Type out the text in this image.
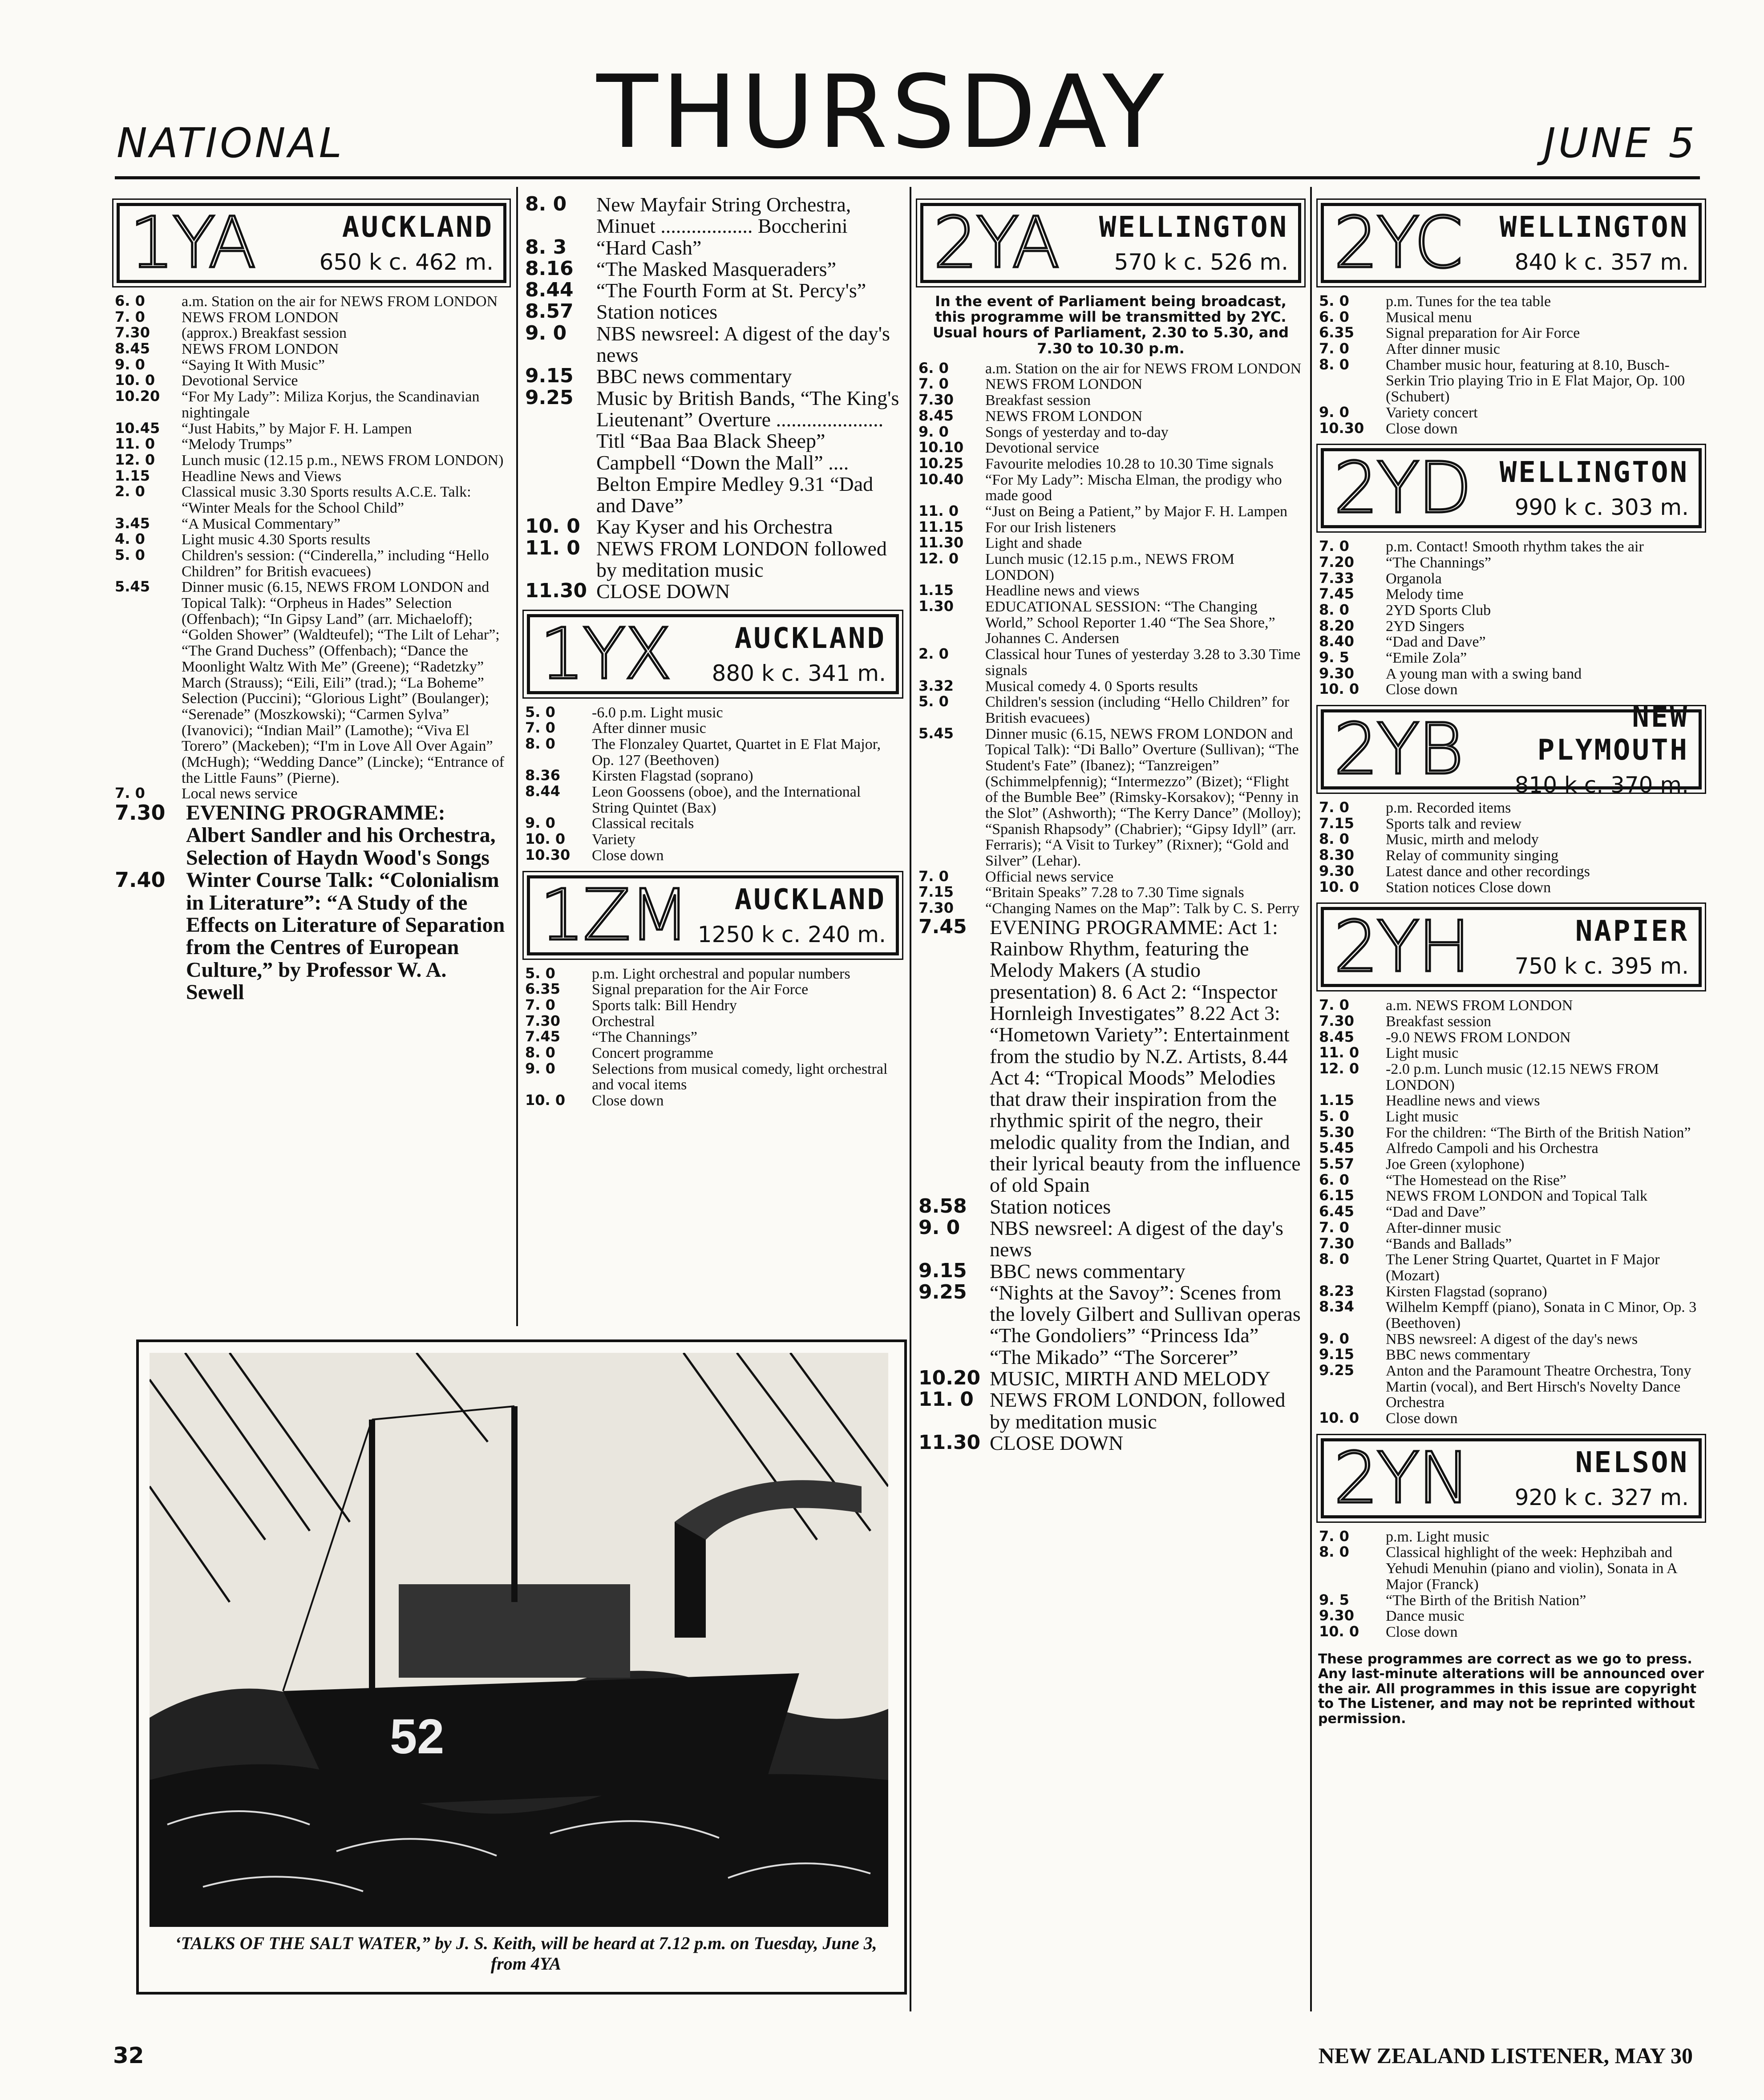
NATIONAL	THURSDAY	JUNE 5
1YA	AUCKLAND
650 k c. 462 m.
6. 0	a.m. Station on the air for NEWS FROM LONDON
7. 0	NEWS FROM LONDON
7.30	(approx.) Breakfast session
8.45	NEWS FROM LONDON
9. 0	“Saying It With Music”
10. 0	Devotional Service
10.20	“For My Lady”: Miliza Korjus, the Scandinavian nightingale
10.45	“Just Habits,” by Major F. H. Lampen
11. 0	“Melody Trumps”
12. 0	Lunch music (12.15 p.m., NEWS FROM LONDON)
1.15	Headline News and Views
2. 0	Classical music 3.30 Sports results A.C.E. Talk: “Winter Meals for the School Child”
3.45	“A Musical Commentary”
4. 0	Light music 4.30 Sports results
5. 0	Children's session: (“Cinderella,” including “Hello Children” for British evacuees)
5.45	Dinner music (6.15, NEWS FROM LONDON and Topical Talk): “Orpheus in Hades” Selection (Offenbach); “In Gipsy Land” (arr. Michaeloff); “Golden Shower” (Waldteufel); “The Lilt of Lehar”; “The Grand Duchess” (Offenbach); “Dance the Moonlight Waltz With Me” (Greene); “Radetzky” March (Strauss); “Eili, Eili” (trad.); “La Boheme” Selection (Puccini); “Glorious Light” (Boulanger); “Serenade” (Moszkowski); “Carmen Sylva” (Ivanovici); “Indian Mail” (Lamothe); “Viva El Torero” (Mackeben); “I'm in Love All Over Again” (McHugh); “Wedding Dance” (Lincke); “Entrance of the Little Fauns” (Pierne).
7. 0	Local news service
7.30 EVENING PROGRAMME: Albert Sandler and his Orchestra, Selection of Haydn Wood's Songs
7.40 Winter Course Talk: “Colonialism in Literature”: “A Study of the Effects on Literature of Separation from the Centres of European Culture,” by Professor W. A. Sewell
8. 0	New Mayfair String Orchestra, Minuet .................. Boccherini
8. 3	“Hard Cash”
8.16	“The Masked Masqueraders”
8.44	“The Fourth Form at St. Percy's”
8.57	Station notices
9. 0	NBS newsreel: A digest of the day's news
9.15	BBC news commentary
9.25	Music by British Bands, “The King's Lieutenant” Overture ..................... Titl “Baa Baa Black Sheep” Campbell “Down the Mall” .... Belton Empire Medley 9.31 “Dad and Dave”
10. 0 Kay Kyser and his Orchestra
11. 0 NEWS FROM LONDON followed by meditation music
11.30 CLOSE DOWN
1YX	AUCKLAND
880 k c. 341 m.
5. 0	-6.0 p.m. Light music
7. 0	After dinner music
8. 0	The Flonzaley Quartet, Quartet in E Flat Major, Op. 127 (Beethoven)
8.36	Kirsten Flagstad (soprano)
8.44	Leon Goossens (oboe), and the International String Quintet (Bax)
9. 0	Classical recitals
10. 0	Variety
10.30	Close down
1ZM	AUCKLAND
1250 k c. 240 m.
5. 0	p.m. Light orchestral and popular numbers
6.35	Signal preparation for the Air Force
7. 0	Sports talk: Bill Hendry
7.30	Orchestral
7.45	“The Channings”
8. 0	Concert programme
9. 0	Selections from musical comedy, light orchestral and vocal items
10. 0	Close down
2YA	WELLINGTON
570 k c. 526 m.
In the event of Parliament being broadcast, this programme will be transmitted by 2YC. Usual hours of Parliament, 2.30 to 5.30, and 7.30 to 10.30 p.m.
6. 0	a.m. Station on the air for NEWS FROM LONDON
7. 0	NEWS FROM LONDON
7.30	Breakfast session
8.45	NEWS FROM LONDON
9. 0	Songs of yesterday and to-day
10.10	Devotional service
10.25	Favourite melodies 10.28 to 10.30 Time signals
10.40	“For My Lady”: Mischa Elman, the prodigy who made good
11. 0	“Just on Being a Patient,” by Major F. H. Lampen
11.15	For our Irish listeners
11.30	Light and shade
12. 0	Lunch music (12.15 p.m., NEWS FROM LONDON)
1.15	Headline news and views
1.30	EDUCATIONAL SESSION: “The Changing World,” School Reporter 1.40 “The Sea Shore,” Johannes C. Andersen
2. 0	Classical hour Tunes of yesterday 3.28 to 3.30 Time signals
3.32	Musical comedy 4. 0 Sports results
5. 0	Children's session (including “Hello Children” for British evacuees)
5.45	Dinner music (6.15, NEWS FROM LONDON and Topical Talk): “Di Ballo” Overture (Sullivan); “The Student's Fate” (Ibanez); “Tanzreigen” (Schimmelpfennig); “Intermezzo” (Bizet); “Flight of the Bumble Bee” (Rimsky-Korsakov); “Penny in the Slot” (Ashworth); “The Kerry Dance” (Molloy); “Spanish Rhapsody” (Chabrier); “Gipsy Idyll” (arr. Ferraris); “A Visit to Turkey” (Rixner); “Gold and Silver” (Lehar).
7. 0	Official news service
7.15	“Britain Speaks” 7.28 to 7.30 Time signals
7.30	“Changing Names on the Map”: Talk by C. S. Perry
7.45	EVENING PROGRAMME: Act 1: Rainbow Rhythm, featuring the Melody Makers (A studio presentation) 8. 6 Act 2: “Inspector Hornleigh Investigates” 8.22 Act 3: “Hometown Variety”: Entertainment from the studio by N.Z. Artists, 8.44 Act 4: “Tropical Moods” Melodies that draw their inspiration from the rhythmic spirit of the negro, their melodic quality from the Indian, and their lyrical beauty from the influence of old Spain
8.58	Station notices
9. 0	NBS newsreel: A digest of the day's news
9.15	BBC news commentary
9.25	“Nights at the Savoy”: Scenes from the lovely Gilbert and Sullivan operas “The Gondoliers” “Princess Ida” “The Mikado” “The Sorcerer”
10.20 MUSIC, MIRTH AND MELODY
11. 0 NEWS FROM LONDON, followed by meditation music
11.30 CLOSE DOWN
2YC	WELLINGTON
840 k c. 357 m.
5. 0	p.m. Tunes for the tea table
6. 0	Musical menu
6.35	Signal preparation for Air Force
7. 0	After dinner music
8. 0	Chamber music hour, featuring at 8.10, Busch-Serkin Trio playing Trio in E Flat Major, Op. 100 (Schubert)
9. 0	Variety concert
10.30	Close down
2YD	WELLINGTON
990 k c. 303 m.
7. 0	p.m. Contact! Smooth rhythm takes the air
7.20	“The Channings”
7.33	Organola
7.45	Melody time
8. 0	2YD Sports Club
8.20	2YD Singers
8.40	“Dad and Dave”
9. 5	“Emile Zola”
9.30	A young man with a swing band
10. 0	Close down
2YB	NEW PLYMOUTH
810 k c. 370 m.
7. 0	p.m. Recorded items
7.15	Sports talk and review
8. 0	Music, mirth and melody
8.30	Relay of community singing
9.30	Latest dance and other recordings
10. 0	Station notices Close down
2YH	NAPIER
750 k c. 395 m.
7. 0	a.m. NEWS FROM LONDON
7.30	Breakfast session
8.45	-9.0 NEWS FROM LONDON
11. 0	Light music
12. 0	-2.0 p.m. Lunch music (12.15 NEWS FROM LONDON)
1.15	Headline news and views
5. 0	Light music
5.30	For the children: “The Birth of the British Nation”
5.45	Alfredo Campoli and his Orchestra
5.57	Joe Green (xylophone)
6. 0	“The Homestead on the Rise”
6.15	NEWS FROM LONDON and Topical Talk
6.45	“Dad and Dave”
7. 0	After-dinner music
7.30	“Bands and Ballads”
8. 0	The Lener String Quartet, Quartet in F Major (Mozart)
8.23	Kirsten Flagstad (soprano)
8.34	Wilhelm Kempff (piano), Sonata in C Minor, Op. 3 (Beethoven)
9. 0	NBS newsreel: A digest of the day's news
9.15	BBC news commentary
9.25	Anton and the Paramount Theatre Orchestra, Tony Martin (vocal), and Bert Hirsch's Novelty Dance Orchestra
10. 0	Close down
2YN	NELSON
920 k c. 327 m.
7. 0	p.m. Light music
8. 0	Classical highlight of the week: Hephzibah and Yehudi Menuhin (piano and violin), Sonata in A Major (Franck)
9. 5	“The Birth of the British Nation”
9.30	Dance music
10. 0	Close down
These programmes are correct as we go to press. Any last-minute alterations will be announced over the air. All programmes in this issue are copyright to The Listener, and may not be reprinted without permission.
52
‘TALKS OF THE SALT WATER,” by J. S. Keith, will be heard at 7.12 p.m. on Tuesday, June 3, from 4YA
32	NEW ZEALAND LISTENER, MAY 30
